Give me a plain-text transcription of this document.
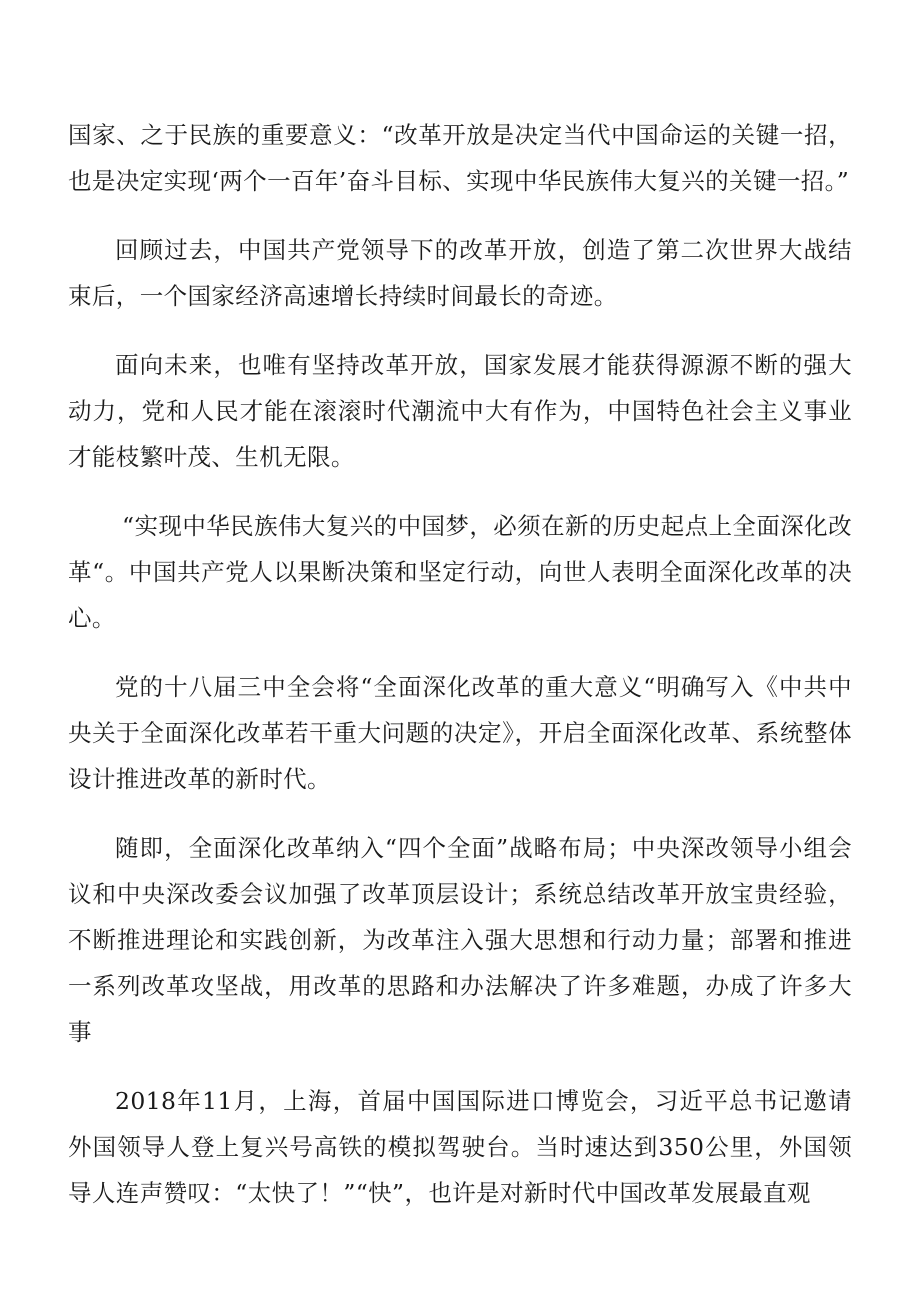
国家、之于民族的重要意义：“改革开放是决定当代中国命运的关键一招，也是决定实现‘两个一百年’奋斗目标、实现中华民族伟大复兴的关键一招。”

回顾过去，中国共产党领导下的改革开放，创造了第二次世界大战结束后，一个国家经济高速增长持续时间最长的奇迹。

面向未来，也唯有坚持改革开放，国家发展才能获得源源不断的强大动力，党和人民才能在滚滚时代潮流中大有作为，中国特色社会主义事业才能枝繁叶茂、生机无限。

“实现中华民族伟大复兴的中国梦，必须在新的历史起点上全面深化改革“。中国共产党人以果断决策和坚定行动，向世人表明全面深化改革的决心。

党的十八届三中全会将“全面深化改革的重大意义“明确写入《中共中央关于全面深化改革若干重大问题的决定》，开启全面深化改革、系统整体设计推进改革的新时代。

随即，全面深化改革纳入“四个全面”战略布局；中央深改领导小组会议和中央深改委会议加强了改革顶层设计；系统总结改革开放宝贵经验，不断推进理论和实践创新，为改革注入强大思想和行动力量；部署和推进一系列改革攻坚战，用改革的思路和办法解决了许多难题，办成了许多大事

2018年11月，上海，首届中国国际进口博览会，习近平总书记邀请外国领导人登上复兴号高铁的模拟驾驶台。当时速达到350公里，外国领导人连声赞叹：“太快了！”“快”，也许是对新时代中国改革发展最直观
